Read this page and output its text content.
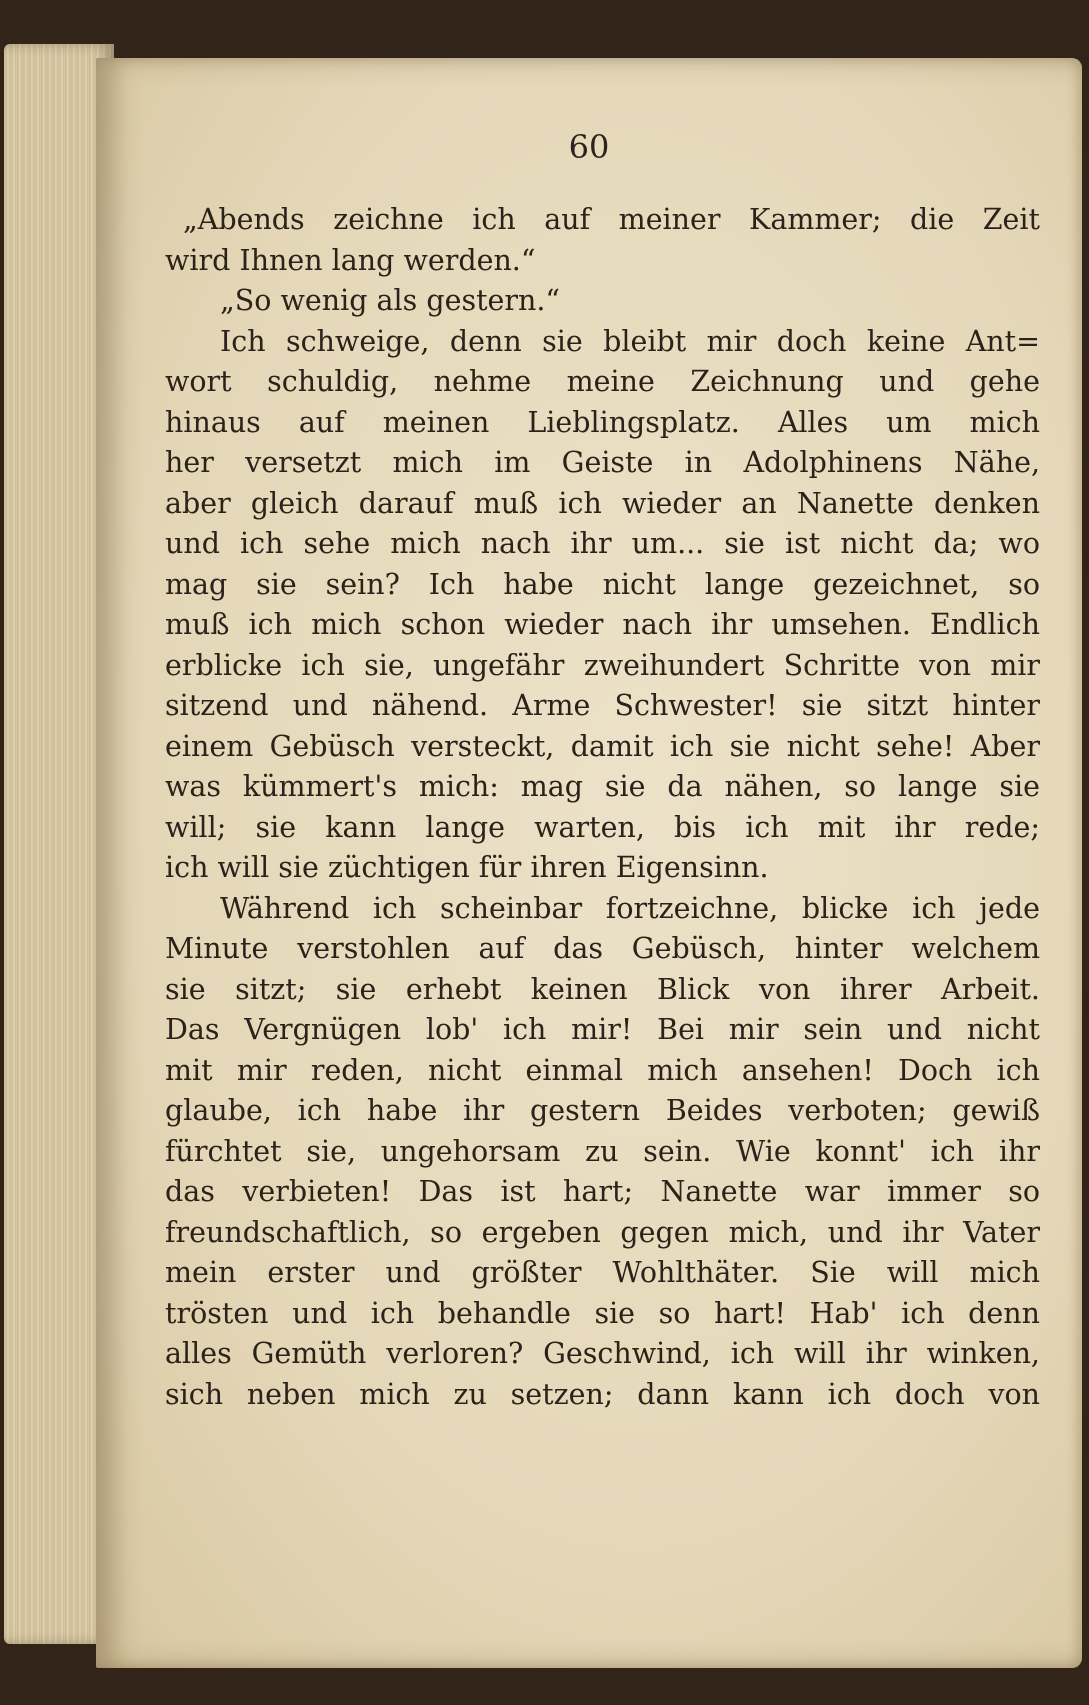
60
„Abends zeichne ich auf meiner Kammer; die Zeit
wird Ihnen lang werden.“
„So wenig als gestern.“
Ich schweige, denn sie bleibt mir doch keine Ant=
wort schuldig, nehme meine Zeichnung und gehe
hinaus auf meinen Lieblingsplatz. Alles um mich
her versetzt mich im Geiste in Adolphinens Nähe,
aber gleich darauf muß ich wieder an Nanette denken
und ich sehe mich nach ihr um... sie ist nicht da; wo
mag sie sein? Ich habe nicht lange gezeichnet, so
muß ich mich schon wieder nach ihr umsehen. Endlich
erblicke ich sie, ungefähr zweihundert Schritte von mir
sitzend und nähend. Arme Schwester! sie sitzt hinter
einem Gebüsch versteckt, damit ich sie nicht sehe! Aber
was kümmert's mich: mag sie da nähen, so lange sie
will; sie kann lange warten, bis ich mit ihr rede;
ich will sie züchtigen für ihren Eigensinn.
Während ich scheinbar fortzeichne, blicke ich jede
Minute verstohlen auf das Gebüsch, hinter welchem
sie sitzt; sie erhebt keinen Blick von ihrer Arbeit.
Das Vergnügen lob' ich mir! Bei mir sein und nicht
mit mir reden, nicht einmal mich ansehen! Doch ich
glaube, ich habe ihr gestern Beides verboten; gewiß
fürchtet sie, ungehorsam zu sein. Wie konnt' ich ihr
das verbieten! Das ist hart; Nanette war immer so
freundschaftlich, so ergeben gegen mich, und ihr Vater
mein erster und größter Wohlthäter. Sie will mich
trösten und ich behandle sie so hart! Hab' ich denn
alles Gemüth verloren? Geschwind, ich will ihr winken,
sich neben mich zu setzen; dann kann ich doch von
